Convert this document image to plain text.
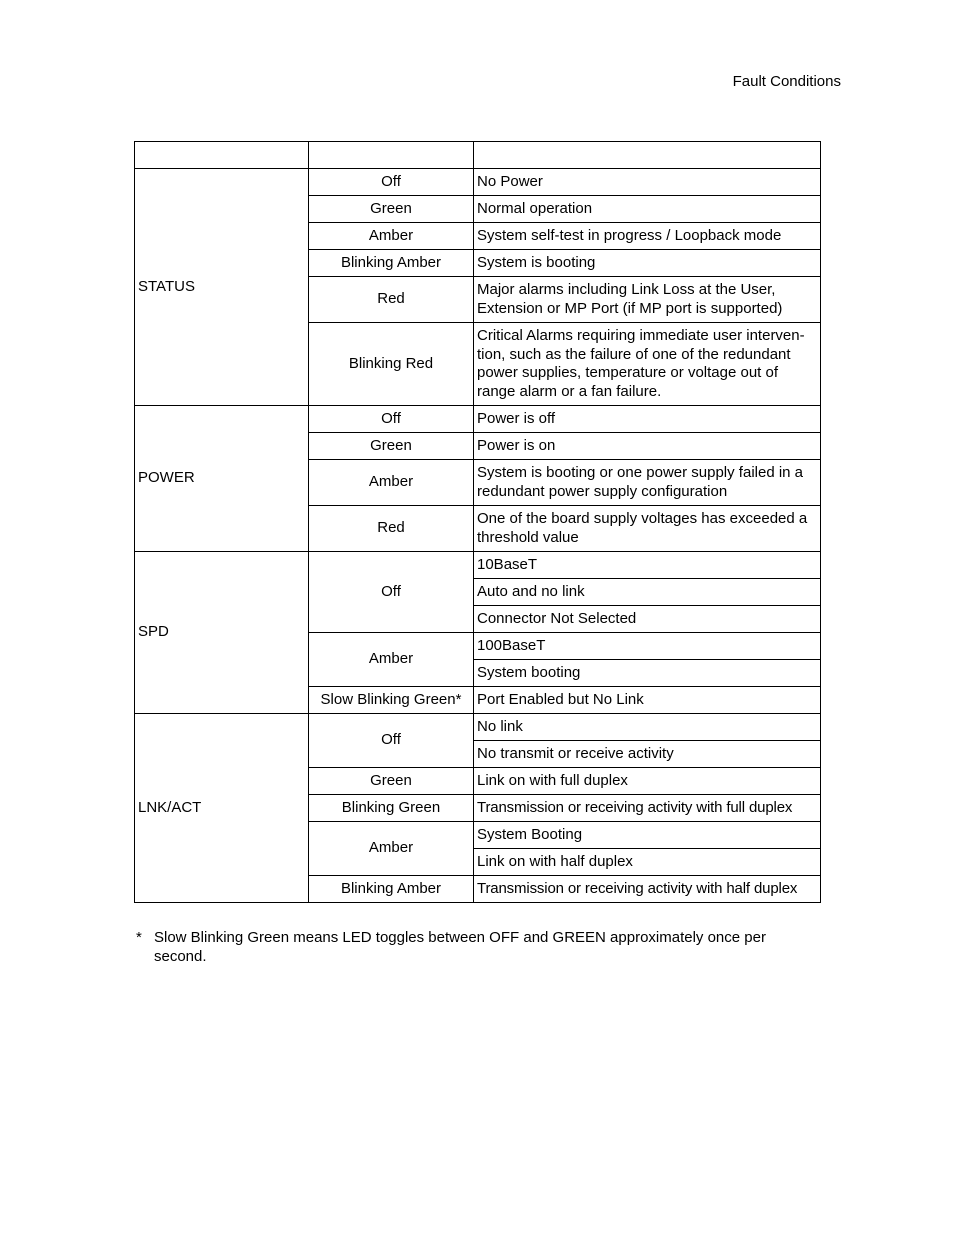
Fault Conditions

STATUS	Off	No Power
	Green	Normal operation
	Amber	System self-test in progress / Loopback mode
	Blinking Amber	System is booting
	Red	Major alarms including Link Loss at the User, Extension or MP Port (if MP port is supported)
	Blinking Red	Critical Alarms requiring immediate user interven-tion, such as the failure of one of the redundant power supplies, temperature or voltage out of range alarm or a fan failure.
POWER	Off	Power is off
	Green	Power is on
	Amber	System is booting or one power supply failed in a redundant power supply configuration
	Red	One of the board supply voltages has exceeded a threshold value
SPD	Off	10BaseT
		Auto and no link
		Connector Not Selected
	Amber	100BaseT
		System booting
	Slow Blinking Green*	Port Enabled but No Link
LNK/ACT	Off	No link
		No transmit or receive activity
	Green	Link on with full duplex
	Blinking Green	Transmission or receiving activity with full duplex
	Amber	System Booting
		Link on with half duplex
	Blinking Amber	Transmission or receiving activity with half duplex
* Slow Blinking Green means LED toggles between OFF and GREEN approximately once per second.
